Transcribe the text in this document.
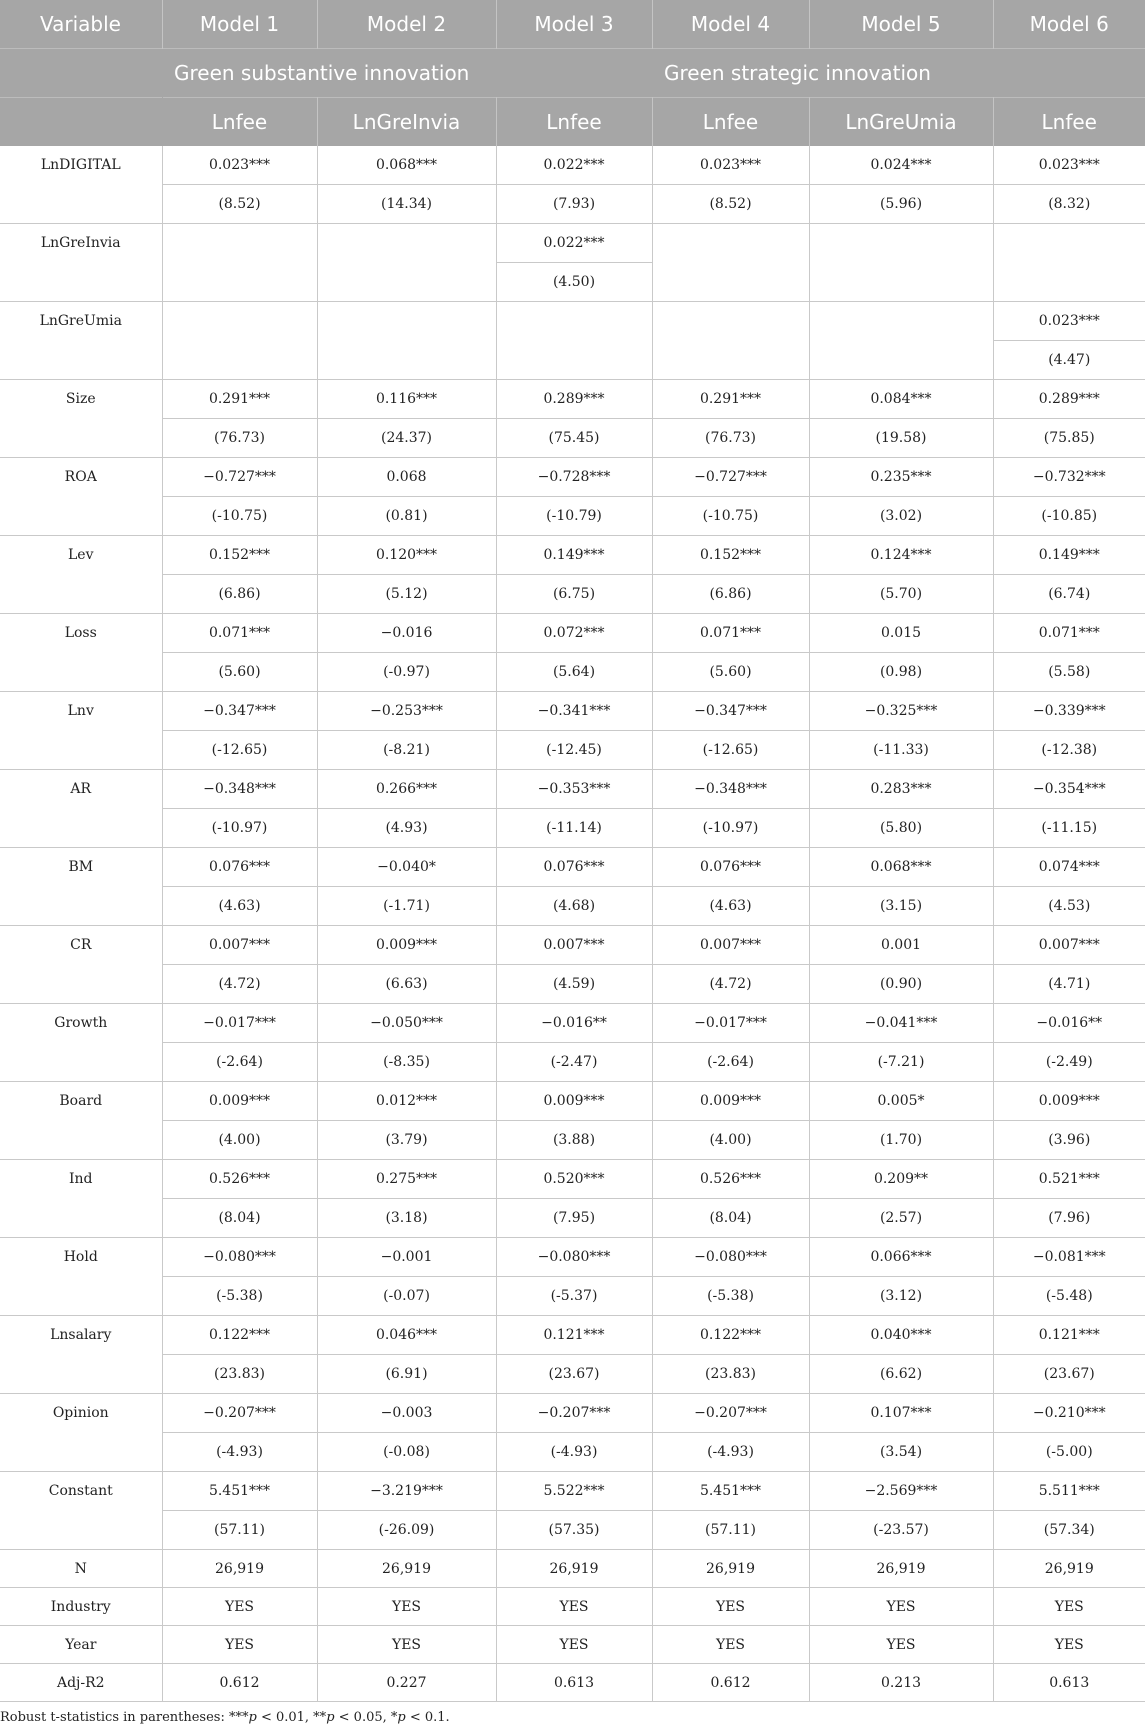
Variable	Model 1	Model 2	Model 3	Model 4	Model 5	Model 6
	Green substantive innovation			Green strategic innovation		
	Lnfee	LnGreInvia	Lnfee	Lnfee	LnGreUmia	Lnfee
LnDIGITAL	0.023***	0.068***	0.022***	0.023***	0.024***	0.023***
	(8.52)	(14.34)	(7.93)	(8.52)	(5.96)	(8.32)
LnGreInvia			0.022***			
			(4.50)			
LnGreUmia						0.023***
						(4.47)
Size	0.291***	0.116***	0.289***	0.291***	0.084***	0.289***
	(76.73)	(24.37)	(75.45)	(76.73)	(19.58)	(75.85)
ROA	−0.727***	0.068	−0.728***	−0.727***	0.235***	−0.732***
	(-10.75)	(0.81)	(-10.79)	(-10.75)	(3.02)	(-10.85)
Lev	0.152***	0.120***	0.149***	0.152***	0.124***	0.149***
	(6.86)	(5.12)	(6.75)	(6.86)	(5.70)	(6.74)
Loss	0.071***	−0.016	0.072***	0.071***	0.015	0.071***
	(5.60)	(-0.97)	(5.64)	(5.60)	(0.98)	(5.58)
Lnv	−0.347***	−0.253***	−0.341***	−0.347***	−0.325***	−0.339***
	(-12.65)	(-8.21)	(-12.45)	(-12.65)	(-11.33)	(-12.38)
AR	−0.348***	0.266***	−0.353***	−0.348***	0.283***	−0.354***
	(-10.97)	(4.93)	(-11.14)	(-10.97)	(5.80)	(-11.15)
BM	0.076***	−0.040*	0.076***	0.076***	0.068***	0.074***
	(4.63)	(-1.71)	(4.68)	(4.63)	(3.15)	(4.53)
CR	0.007***	0.009***	0.007***	0.007***	0.001	0.007***
	(4.72)	(6.63)	(4.59)	(4.72)	(0.90)	(4.71)
Growth	−0.017***	−0.050***	−0.016**	−0.017***	−0.041***	−0.016**
	(-2.64)	(-8.35)	(-2.47)	(-2.64)	(-7.21)	(-2.49)
Board	0.009***	0.012***	0.009***	0.009***	0.005*	0.009***
	(4.00)	(3.79)	(3.88)	(4.00)	(1.70)	(3.96)
Ind	0.526***	0.275***	0.520***	0.526***	0.209**	0.521***
	(8.04)	(3.18)	(7.95)	(8.04)	(2.57)	(7.96)
Hold	−0.080***	−0.001	−0.080***	−0.080***	0.066***	−0.081***
	(-5.38)	(-0.07)	(-5.37)	(-5.38)	(3.12)	(-5.48)
Lnsalary	0.122***	0.046***	0.121***	0.122***	0.040***	0.121***
	(23.83)	(6.91)	(23.67)	(23.83)	(6.62)	(23.67)
Opinion	−0.207***	−0.003	−0.207***	−0.207***	0.107***	−0.210***
	(-4.93)	(-0.08)	(-4.93)	(-4.93)	(3.54)	(-5.00)
Constant	5.451***	−3.219***	5.522***	5.451***	−2.569***	5.511***
	(57.11)	(-26.09)	(57.35)	(57.11)	(-23.57)	(57.34)
N	26,919	26,919	26,919	26,919	26,919	26,919
Industry	YES	YES	YES	YES	YES	YES
Year	YES	YES	YES	YES	YES	YES
Adj-R2	0.612	0.227	0.613	0.612	0.213	0.613

Robust t-statistics in parentheses: ***p < 0.01, **p < 0.05, *p < 0.1.
